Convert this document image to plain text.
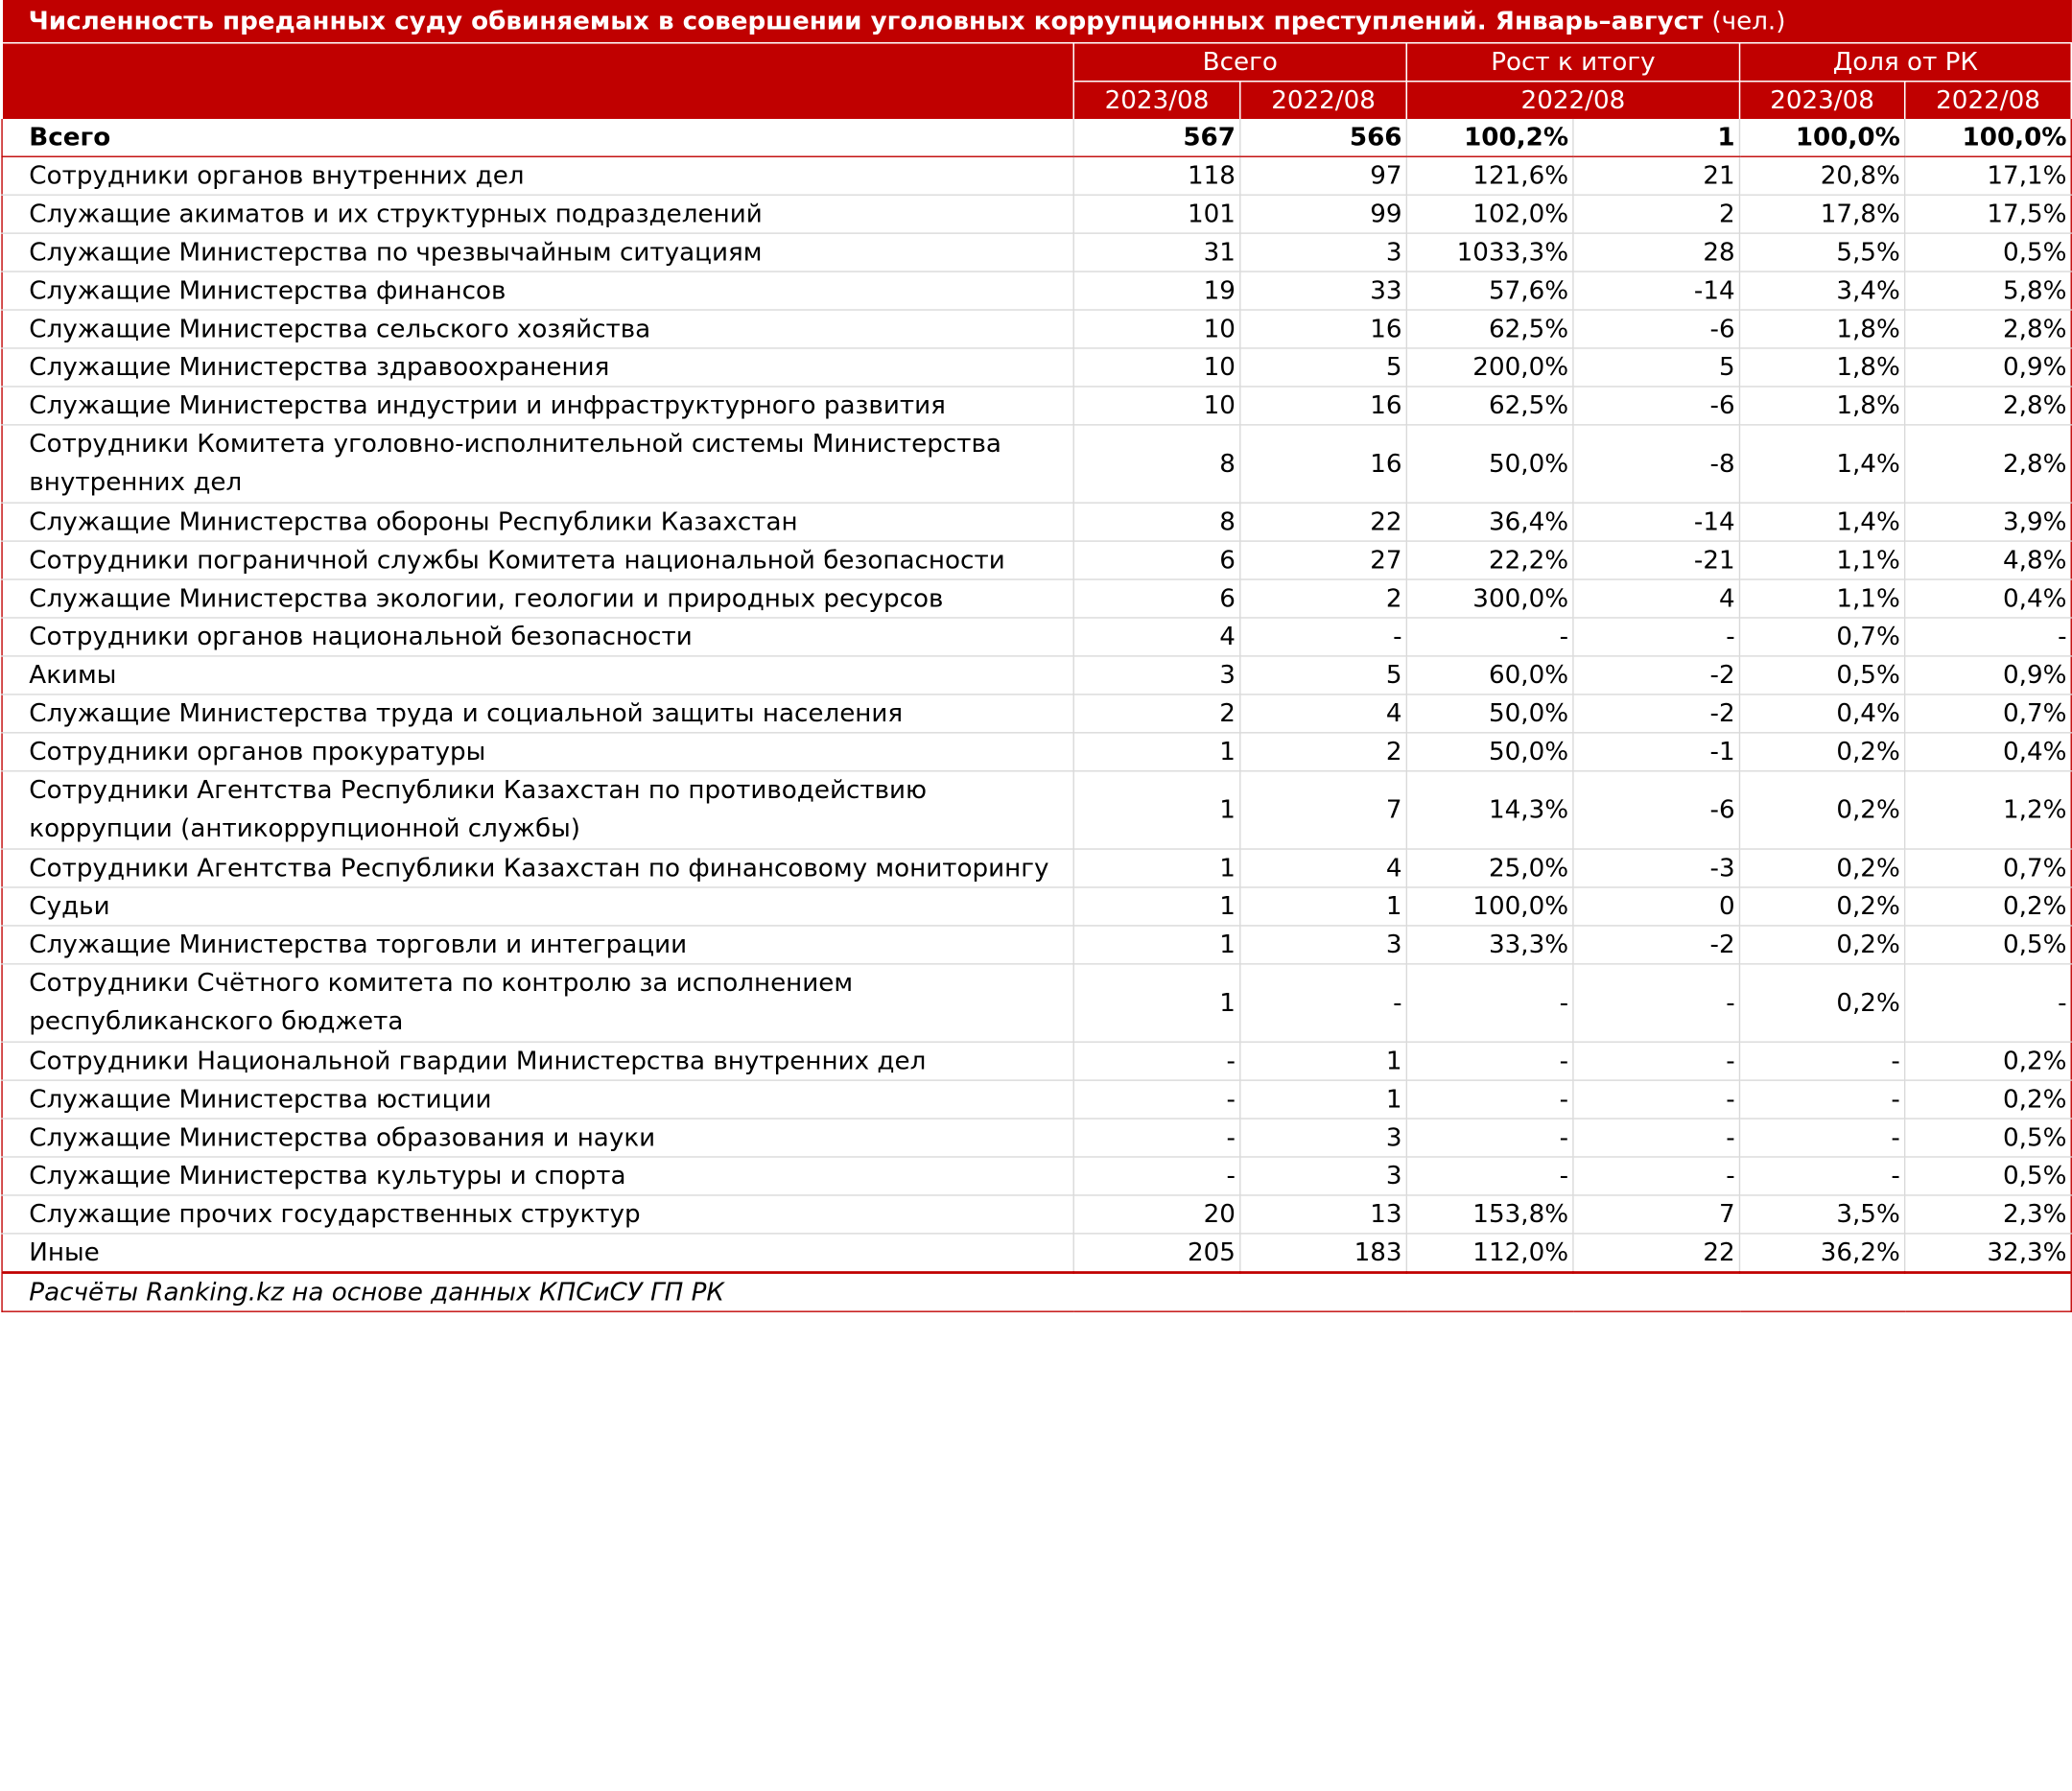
Численность преданных суду обвиняемых в совершении уголовных коррупционных преступлений. Январь–август (чел.)						
	Всего		Рост к итогу		Доля от РК	
	2023/08	2022/08	2022/08		2023/08	2022/08
Всего	567	566	100,2%	1	100,0%	100,0%
Сотрудники органов внутренних дел	118	97	121,6%	21	20,8%	17,1%
Служащие акиматов и их структурных подразделений	101	99	102,0%	2	17,8%	17,5%
Служащие Министерства по чрезвычайным ситуациям	31	3	1033,3%	28	5,5%	0,5%
Служащие Министерства финансов	19	33	57,6%	-14	3,4%	5,8%
Служащие Министерства сельского хозяйства	10	16	62,5%	-6	1,8%	2,8%
Служащие Министерства здравоохранения	10	5	200,0%	5	1,8%	0,9%
Служащие Министерства индустрии и инфраструктурного развития	10	16	62,5%	-6	1,8%	2,8%
Сотрудники Комитета уголовно-исполнительной системы Министерства внутренних дел	8	16	50,0%	-8	1,4%	2,8%
Служащие Министерства обороны Республики Казахстан	8	22	36,4%	-14	1,4%	3,9%
Сотрудники пограничной службы Комитета национальной безопасности	6	27	22,2%	-21	1,1%	4,8%
Служащие Министерства экологии, геологии и природных ресурсов	6	2	300,0%	4	1,1%	0,4%
Сотрудники органов национальной безопасности	4	-	-	-	0,7%	-
Акимы	3	5	60,0%	-2	0,5%	0,9%
Служащие Министерства труда и социальной защиты населения	2	4	50,0%	-2	0,4%	0,7%
Сотрудники органов прокуратуры	1	2	50,0%	-1	0,2%	0,4%
Сотрудники Агентства Республики Казахстан по противодействию коррупции (антикоррупционной службы)	1	7	14,3%	-6	0,2%	1,2%
Сотрудники Агентства Республики Казахстан по финансовому мониторингу	1	4	25,0%	-3	0,2%	0,7%
Судьи	1	1	100,0%	0	0,2%	0,2%
Служащие Министерства торговли и интеграции	1	3	33,3%	-2	0,2%	0,5%
Сотрудники Счётного комитета по контролю за исполнением республиканского бюджета	1	-	-	-	0,2%	-
Сотрудники Национальной гвардии Министерства внутренних дел	-	1	-	-	-	0,2%
Служащие Министерства юстиции	-	1	-	-	-	0,2%
Служащие Министерства образования и науки	-	3	-	-	-	0,5%
Служащие Министерства культуры и спорта	-	3	-	-	-	0,5%
Служащие прочих государственных структур	20	13	153,8%	7	3,5%	2,3%
Иные	205	183	112,0%	22	36,2%	32,3%
Расчёты Ranking.kz на основе данных КПСиСУ ГП РК						
